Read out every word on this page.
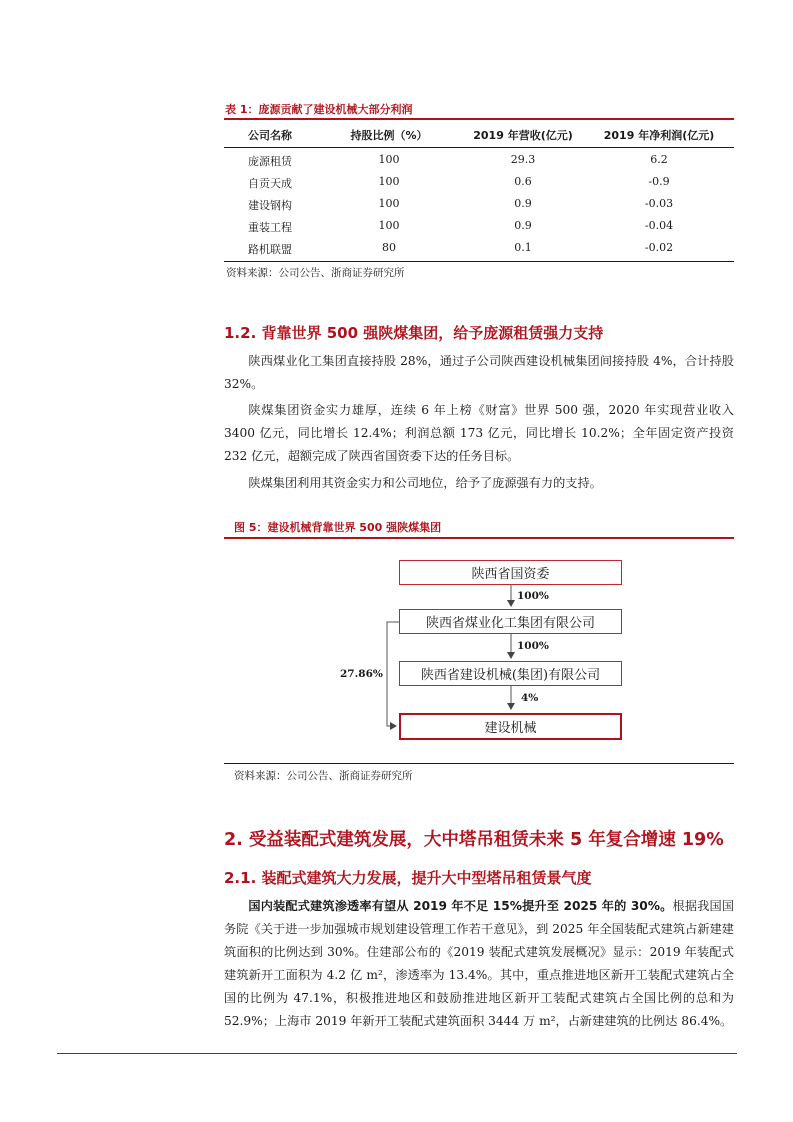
表 1：庞源贡献了建设机械大部分利润
公司名称	持股比例（%）	2019 年营收(亿元)	2019 年净利润(亿元)
庞源租赁	100	29.3	6.2
自贡天成	100	0.6	-0.9
建设钢构	100	0.9	-0.03
重装工程	100	0.9	-0.04
路机联盟	80	0.1	-0.02
资料来源：公司公告、浙商证券研究所
1.2. 背靠世界 500 强陕煤集团，给予庞源租赁强力支持
陕西煤业化工集团直接持股 28%，通过子公司陕西建设机械集团间接持股 4%，合计持股 32%。
陕煤集团资金实力雄厚，连续 6 年上榜《财富》世界 500 强，2020 年实现营业收入 3400 亿元，同比增长 12.4%；利润总额 173 亿元，同比增长 10.2%；全年固定资产投资 232 亿元，超额完成了陕西省国资委下达的任务目标。
陕煤集团利用其资金实力和公司地位，给予了庞源强有力的支持。
图 5：建设机械背靠世界 500 强陕煤集团
陕西省国资委
陕西省煤业化工集团有限公司
陕西省建设机械(集团)有限公司
建设机械
100%
100%
4%
27.86%
资料来源：公司公告、浙商证券研究所
2. 受益装配式建筑发展，大中塔吊租赁未来 5 年复合增速 19%
2.1. 装配式建筑大力发展，提升大中型塔吊租赁景气度
国内装配式建筑渗透率有望从 2019 年不足 15%提升至 2025 年的 30%。根据我国国务院《关于进一步加强城市规划建设管理工作若干意见》，到 2025 年全国装配式建筑占新建建筑面积的比例达到 30%。住建部公布的《2019 装配式建筑发展概况》显示：2019 年装配式建筑新开工面积为 4.2 亿 m²，渗透率为 13.4%。其中，重点推进地区新开工装配式建筑占全国的比例为 47.1%，积极推进地区和鼓励推进地区新开工装配式建筑占全国比例的总和为 52.9%；上海市 2019 年新开工装配式建筑面积 3444 万 m²，占新建建筑的比例达 86.4%。
